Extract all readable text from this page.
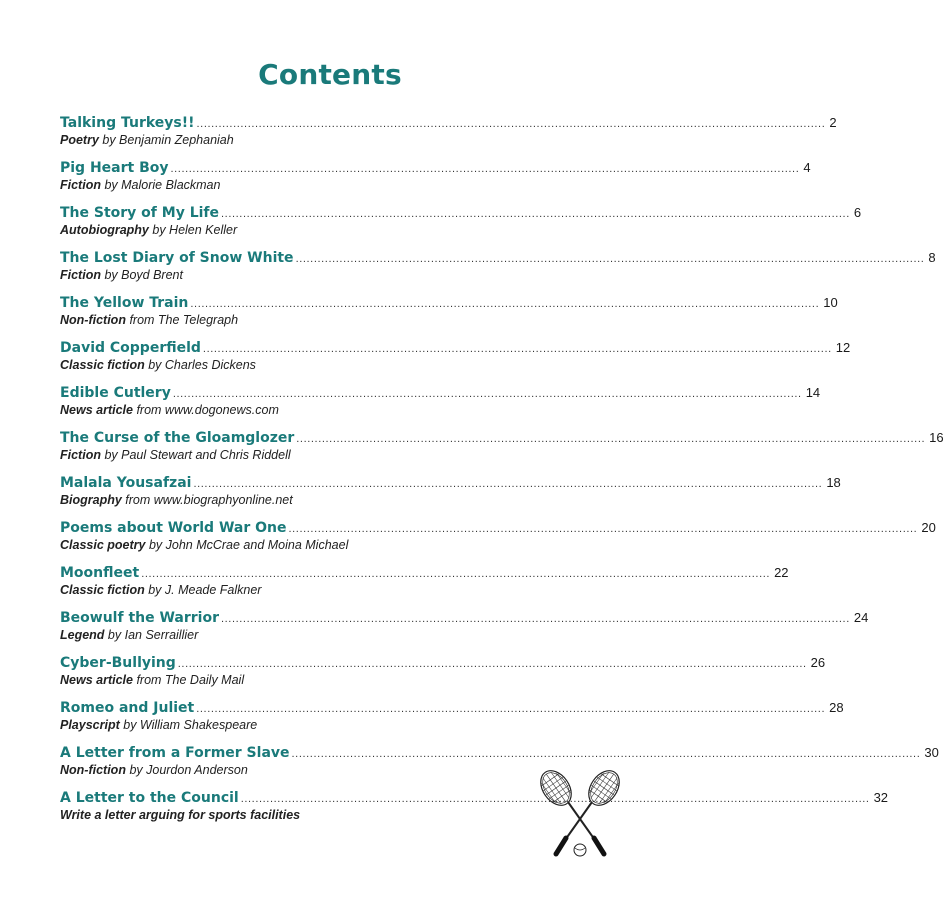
Contents
Talking Turkeys!! ............................................................................................................................................................................ 2
Poetry by Benjamin Zephaniah
Pig Heart Boy ............................................................................................................................................................................ 4
Fiction by Malorie Blackman
The Story of My Life ............................................................................................................................................................................ 6
Autobiography by Helen Keller
The Lost Diary of Snow White ............................................................................................................................................................................ 8
Fiction by Boyd Brent
The Yellow Train ............................................................................................................................................................................ 10
Non-fiction from The Telegraph
David Copperfield ............................................................................................................................................................................ 12
Classic fiction by Charles Dickens
Edible Cutlery ............................................................................................................................................................................ 14
News article from www.dogonews.com
The Curse of the Gloamglozer ............................................................................................................................................................................ 16
Fiction by Paul Stewart and Chris Riddell
Malala Yousafzai ............................................................................................................................................................................ 18
Biography from www.biographyonline.net
Poems about World War One ............................................................................................................................................................................ 20
Classic poetry by John McCrae and Moina Michael
Moonfleet ............................................................................................................................................................................ 22
Classic fiction by J. Meade Falkner
Beowulf the Warrior ............................................................................................................................................................................ 24
Legend by Ian Serraillier
Cyber-Bullying ............................................................................................................................................................................ 26
News article from The Daily Mail
Romeo and Juliet ............................................................................................................................................................................ 28
Playscript by William Shakespeare
A Letter from a Former Slave ............................................................................................................................................................................ 30
Non-fiction by Jourdon Anderson
A Letter to the Council ............................................................................................................................................................................ 32
Write a letter arguing for sports facilities
